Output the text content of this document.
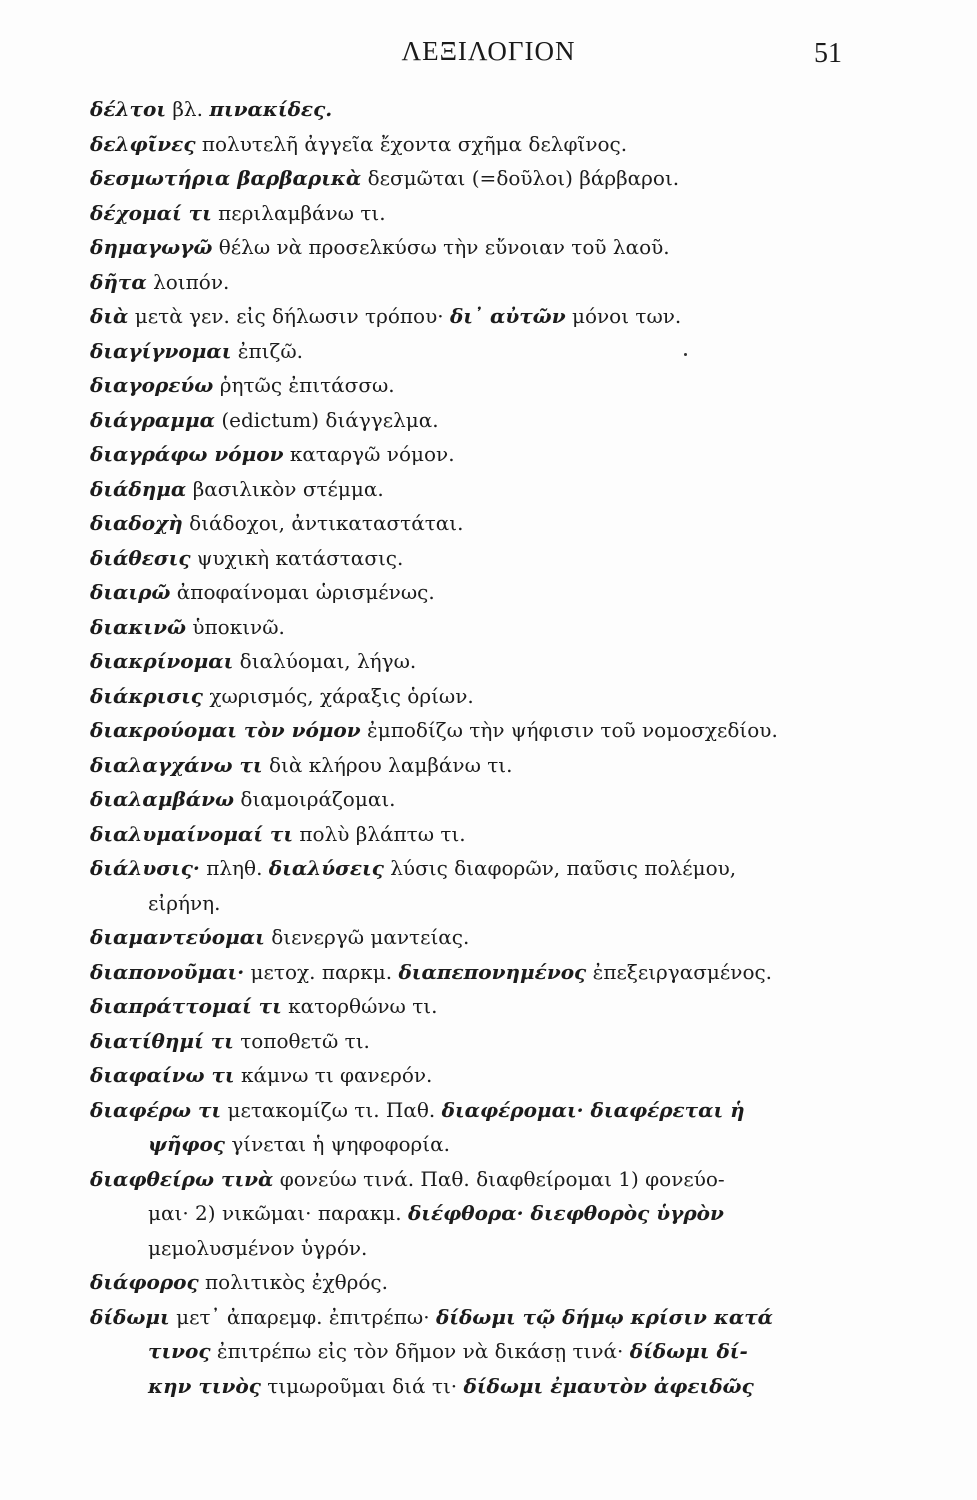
ΛΕΞΙΛΟΓΙΟΝ	51
δέλτοι βλ. πινακίδες.
δελφῖνες πολυτελῆ ἀγγεῖα ἔχοντα σχῆμα δελφῖνος.
δεσμωτήρια βαρβαρικὰ δεσμῶται (=δοῦλοι) βάρβαροι.
δέχομαί τι περιλαμβάνω τι.
δημαγωγῶ θέλω νὰ προσελκύσω τὴν εὔνοιαν τοῦ λαοῦ.
δῆτα λοιπόν.
διὰ μετὰ γεν. εἰς δήλωσιν τρόπου· δι᾽ αὐτῶν μόνοι των.
διαγίγνομαι ἐπιζῶ.
διαγορεύω ῥητῶς ἐπιτάσσω.
διάγραμμα (edictum) διάγγελμα.
διαγράφω νόμον καταργῶ νόμον.
διάδημα βασιλικὸν στέμμα.
διαδοχὴ διάδοχοι, ἀντικαταστάται.
διάθεσις ψυχικὴ κατάστασις.
διαιρῶ ἀποφαίνομαι ὡρισμένως.
διακινῶ ὑποκινῶ.
διακρίνομαι διαλύομαι, λήγω.
διάκρισις χωρισμός, χάραξις ὁρίων.
διακρούομαι τὸν νόμον ἐμποδίζω τὴν ψήφισιν τοῦ νομοσχεδίου.
διαλαγχάνω τι διὰ κλήρου λαμβάνω τι.
διαλαμβάνω διαμοιράζομαι.
διαλυμαίνομαί τι πολὺ βλάπτω τι.
διάλυσις· πληθ. διαλύσεις λύσις διαφορῶν, παῦσις πολέμου,
εἰρήνη.
διαμαντεύομαι διενεργῶ μαντείας.
διαπονοῦμαι· μετοχ. παρκμ. διαπεπονημένος ἐπεξειργασμένος.
διαπράττομαί τι κατορθώνω τι.
διατίθημί τι τοποθετῶ τι.
διαφαίνω τι κάμνω τι φανερόν.
διαφέρω τι μετακομίζω τι. Παθ. διαφέρομαι· διαφέρεται ἡ
ψῆφος γίνεται ἡ ψηφοφορία.
διαφθείρω τινὰ φονεύω τινά. Παθ. διαφθείρομαι 1) φονεύο-
μαι· 2) νικῶμαι· παρακμ. διέφθορα· διεφθορὸς ὑγρὸν
μεμολυσμένον ὑγρόν.
διάφορος πολιτικὸς ἐχθρός.
δίδωμι μετ᾽ ἀπαρεμφ. ἐπιτρέπω· δίδωμι τῷ δήμῳ κρίσιν κατά
τινος ἐπιτρέπω εἰς τὸν δῆμον νὰ δικάσῃ τινά· δίδωμι δί-
κην τινὸς τιμωροῦμαι διά τι· δίδωμι ἐμαυτὸν ἀφειδῶς
